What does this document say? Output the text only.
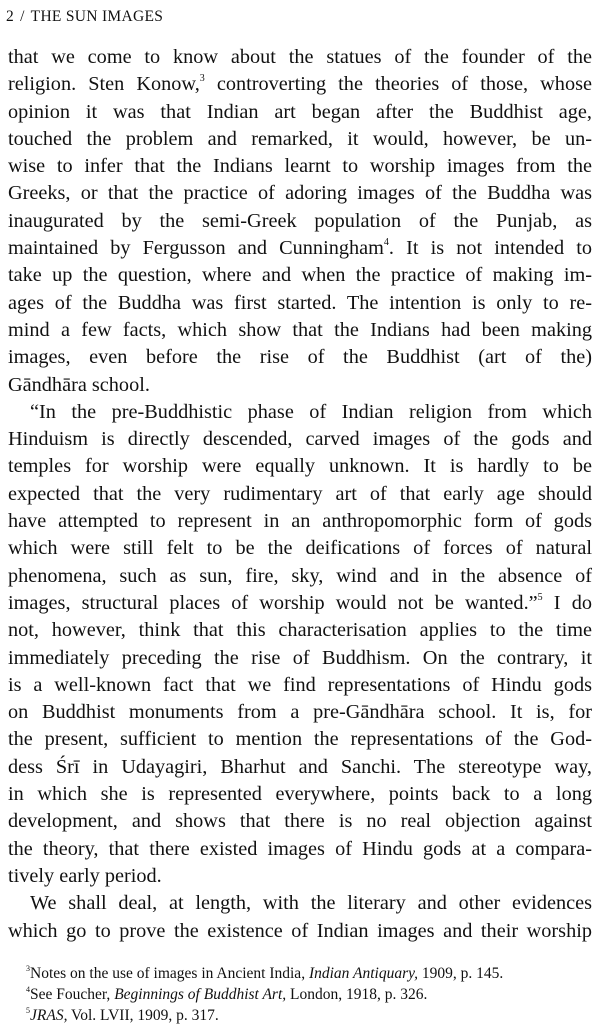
2 / THE SUN IMAGES
that we come to know about the statues of the founder of the
religion. Sten Konow,$^3$ controverting the theories of those, whose
opinion it was that Indian art began after the Buddhist age,
touched the problem and remarked, it would, however, be un-
wise to infer that the Indians learnt to worship images from the
Greeks, or that the practice of adoring images of the Buddha was
inaugurated by the semi-Greek population of the Punjab, as
maintained by Fergusson and Cunningham$^4$. It is not intended to
take up the question, where and when the practice of making im-
ages of the Buddha was first started. The intention is only to re-
mind a few facts, which show that the Indians had been making
images, even before the rise of the Buddhist (art of the)
Gāndhāra school.
“In the pre-Buddhistic phase of Indian religion from which
Hinduism is directly descended, carved images of the gods and
temples for worship were equally unknown. It is hardly to be
expected that the very rudimentary art of that early age should
have attempted to represent in an anthropomorphic form of gods
which were still felt to be the deifications of forces of natural
phenomena, such as sun, fire, sky, wind and in the absence of
images, structural places of worship would not be wanted.”$^5$ I do
not, however, think that this characterisation applies to the time
immediately preceding the rise of Buddhism. On the contrary, it
is a well-known fact that we find representations of Hindu gods
on Buddhist monuments from a pre-Gāndhāra school. It is, for
the present, sufficient to mention the representations of the God-
dess Śrī in Udayagiri, Bharhut and Sanchi. The stereotype way,
in which she is represented everywhere, points back to a long
development, and shows that there is no real objection against
the theory, that there existed images of Hindu gods at a compara-
tively early period.
We shall deal, at length, with the literary and other evidences
which go to prove the existence of Indian images and their worship
$^3$Notes on the use of images in Ancient India, Indian Antiquary, 1909, p. 145.
$^4$See Foucher, Beginnings of Buddhist Art, London, 1918, p. 326.
$^5$JRAS, Vol. LVII, 1909, p. 317.
